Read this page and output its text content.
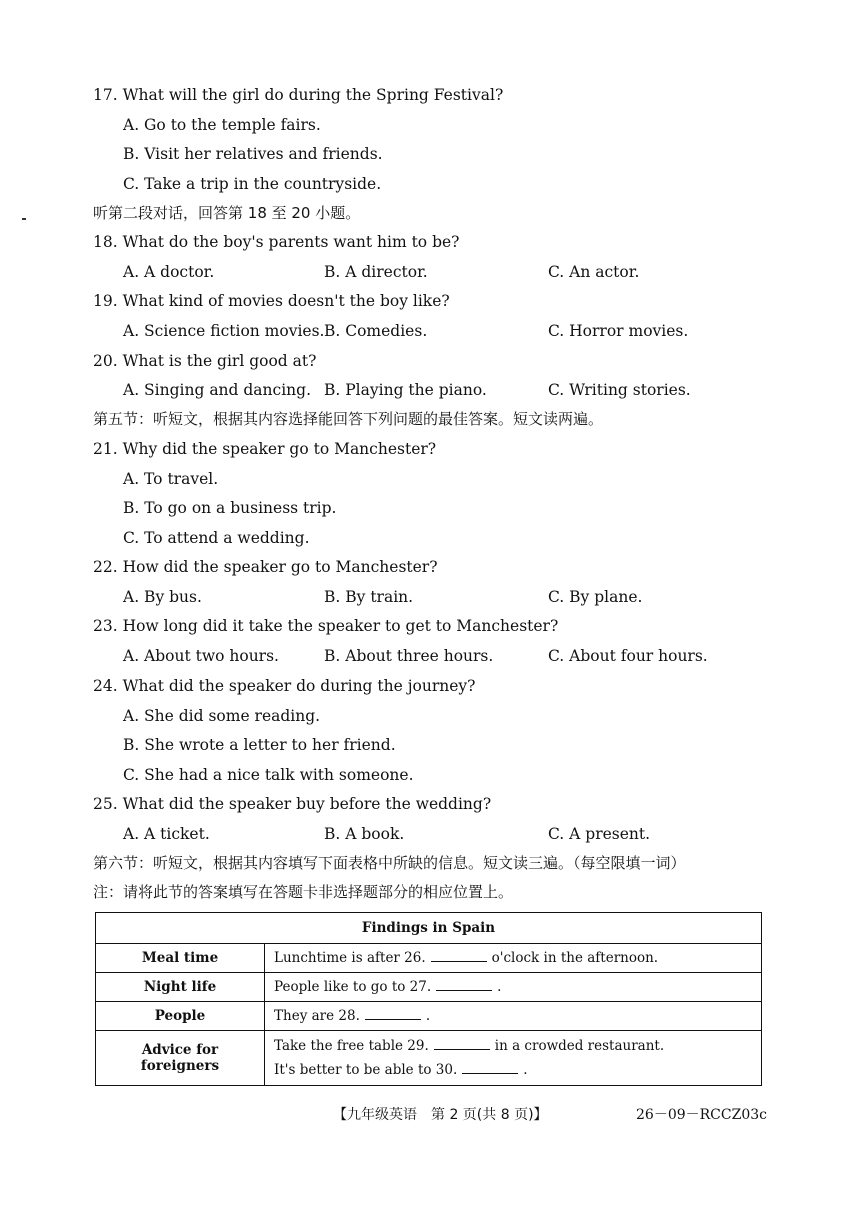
17. What will the girl do during the Spring Festival?
A. Go to the temple fairs.
B. Visit her relatives and friends.
C. Take a trip in the countryside.
听第二段对话，回答第 18 至 20 小题。
18. What do the boy's parents want him to be?
A. A doctor.	B. A director.	C. An actor.
19. What kind of movies doesn't the boy like?
A. Science fiction movies. B. Comedies.	C. Horror movies.
20. What is the girl good at?
A. Singing and dancing. B. Playing the piano.	C. Writing stories.
第五节：听短文，根据其内容选择能回答下列问题的最佳答案。短文读两遍。
21. Why did the speaker go to Manchester?
A. To travel.
B. To go on a business trip.
C. To attend a wedding.
22. How did the speaker go to Manchester?
A. By bus.	B. By train.	C. By plane.
23. How long did it take the speaker to get to Manchester?
A. About two hours.	B. About three hours.	C. About four hours.
24. What did the speaker do during the journey?
A. She did some reading.
B. She wrote a letter to her friend.
C. She had a nice talk with someone.
25. What did the speaker buy before the wedding?
A. A ticket.	B. A book.	C. A present.
第六节：听短文，根据其内容填写下面表格中所缺的信息。短文读三遍。（每空限填一词）
注：请将此节的答案填写在答题卡非选择题部分的相应位置上。
Findings in Spain	
Meal time	Lunchtime is after 26. o'clock in the afternoon.
Night life	People like to go to 27. .
People	They are 28. .
Advice for foreigners	Take the free table 29. in a crowded restaurant.
It's better to be able to 30. .
【九年级英语　第 2 页(共 8 页)】	26－09－RCCZ03c
